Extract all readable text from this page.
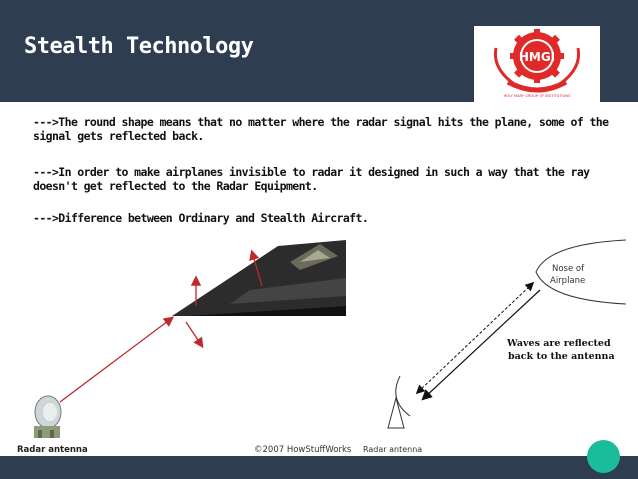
Stealth Technology	HMGI
HOLY MARY GROUP OF INSTITUTIONS
--->The round shape means that no matter where the radar signal hits the plane, some of the signal gets reflected back.
--->In order to make airplanes invisible to radar it designed in such a way that the ray doesn't get reflected to the Radar Equipment.
--->Difference between Ordinary and Stealth Aircraft.
Radar antenna	©2007 HowStuffWorks
Nose of
Airplane
Waves are reflected
back to the antenna
Radar antenna
